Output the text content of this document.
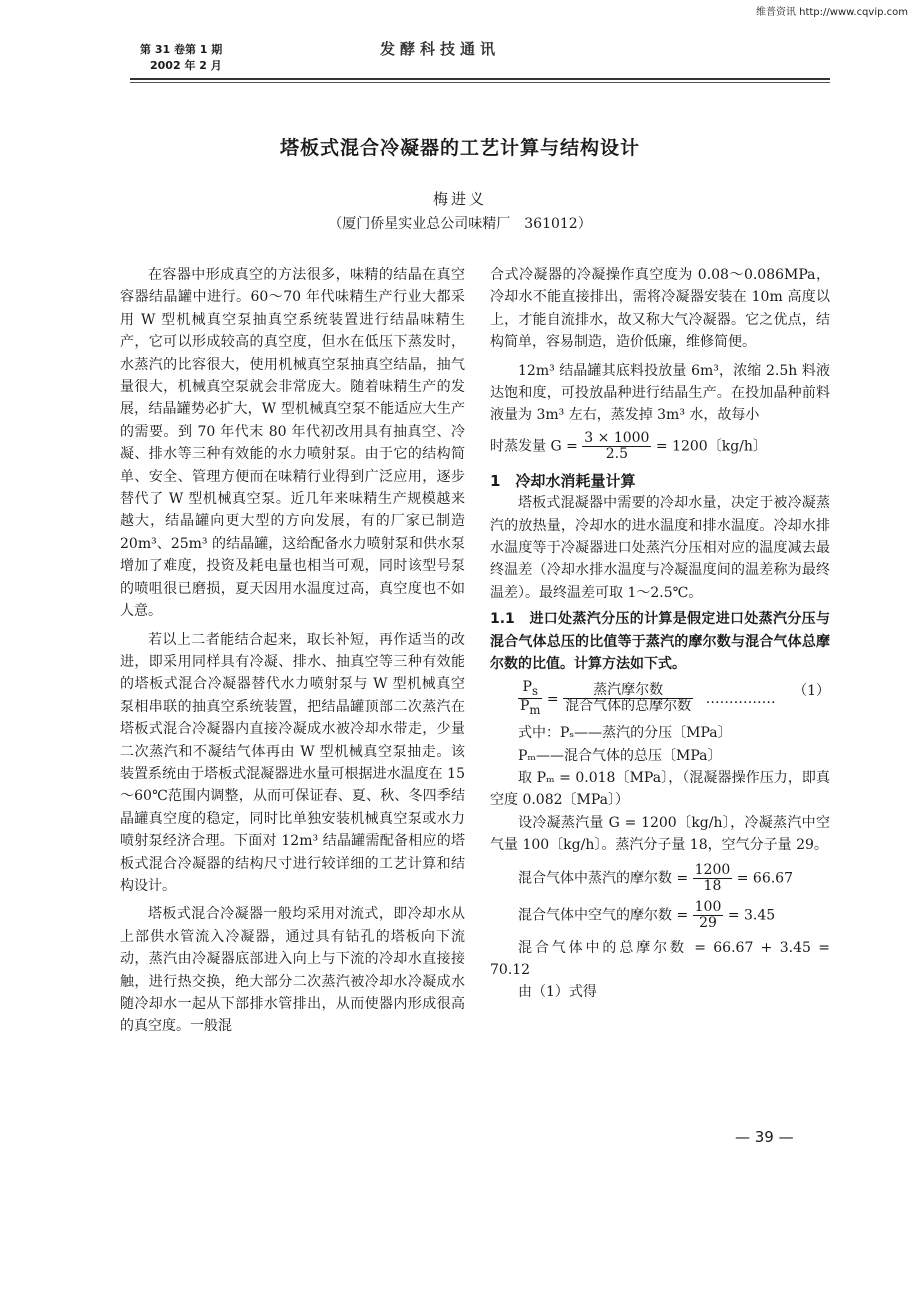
维普资讯 http://www.cqvip.com
第 31 卷第 1 期
2002 年 2 月
发酵科技通讯
塔板式混合冷凝器的工艺计算与结构设计
梅进义
（厦门侨星实业总公司味精厂　361012）

在容器中形成真空的方法很多，味精的结晶在真空容器结晶罐中进行。60～70 年代味精生产行业大都采用 W 型机械真空泵抽真空系统装置进行结晶味精生产，它可以形成较高的真空度，但水在低压下蒸发时，水蒸汽的比容很大，使用机械真空泵抽真空结晶，抽气量很大，机械真空泵就会非常庞大。随着味精生产的发展，结晶罐势必扩大，W 型机械真空泵不能适应大生产的需要。到 70 年代末 80 年代初改用具有抽真空、冷凝、排水等三种有效能的水力喷射泵。由于它的结构简单、安全、管理方便而在味精行业得到广泛应用，逐步替代了 W 型机械真空泵。近几年来味精生产规模越来越大，结晶罐向更大型的方向发展，有的厂家已制造 20m³、25m³ 的结晶罐，这给配备水力喷射泵和供水泵增加了难度，投资及耗电量也相当可观，同时该型号泵的喷咀很已磨损，夏天因用水温度过高，真空度也不如人意。

若以上二者能结合起来，取长补短，再作适当的改进，即采用同样具有冷凝、排水、抽真空等三种有效能的塔板式混合冷凝器替代水力喷射泵与 W 型机械真空泵相串联的抽真空系统装置，把结晶罐顶部二次蒸汽在塔板式混合冷凝器内直接冷凝成水被冷却水带走，少量二次蒸汽和不凝结气体再由 W 型机械真空泵抽走。该装置系统由于塔板式混凝器进水量可根据进水温度在 15～60℃范围内调整，从而可保证春、夏、秋、冬四季结晶罐真空度的稳定，同时比单独安装机械真空泵或水力喷射泵经济合理。下面对 12m³ 结晶罐需配备相应的塔板式混合冷凝器的结构尺寸进行较详细的工艺计算和结构设计。

塔板式混合冷凝器一般均采用对流式，即冷却水从上部供水管流入冷凝器，通过具有钻孔的塔板向下流动，蒸汽由冷凝器底部进入向上与下流的冷却水直接接触，进行热交换，绝大部分二次蒸汽被冷却水冷凝成水随冷却水一起从下部排水管排出，从而使器内形成很高的真空度。一般混

合式冷凝器的冷凝操作真空度为 0.08～0.086MPa，冷却水不能直接排出，需将冷凝器安装在 10m 高度以上，才能自流排水，故又称大气冷凝器。它之优点，结构简单，容易制造，造价低廉，维修简便。

12m³ 结晶罐其底料投放量 6m³，浓缩 2.5h 料液达饱和度，可投放晶种进行结晶生产。在投加晶种前料液量为 3m³ 左右，蒸发掉 3m³ 水，故每小

时蒸发量 $G = \frac{3 \times 1000}{2.5} = 1200$〔kg/h〕

1　冷却水消耗量计算

塔板式混凝器中需要的冷却水量，决定于被冷凝蒸汽的放热量，冷却水的进水温度和排水温度。冷却水排水温度等于冷凝器进口处蒸汽分压相对应的温度减去最终温差（冷却水排水温度与冷凝温度间的温差称为最终温差）。最终温差可取 1～2.5℃。

1.1　进口处蒸汽分压的计算是假定进口处蒸汽分压与混合气体总压的比值等于蒸汽的摩尔数与混合气体总摩尔数的比值。计算方法如下式。

（1）
$\frac{P_s}{P_m} = \frac{\text{蒸汽摩尔数}}{\text{混合气体的总摩尔数}}$ ……………

式中：Pₛ——蒸汽的分压〔MPa〕

Pₘ——混合气体的总压〔MPa〕

取 Pₘ = 0.018〔MPa〕，（混凝器操作压力，即真空度 0.082〔MPa〕）

设冷凝蒸汽量 G = 1200〔kg/h〕，冷凝蒸汽中空气量 100〔kg/h〕。蒸汽分子量 18，空气分子量 29。

混合气体中蒸汽的摩尔数 = $\frac{1200}{18} = 66.67$
混合气体中空气的摩尔数 = $\frac{100}{29} = 3.45$

混合气体中的总摩尔数 = 66.67 + 3.45 = 70.12

由（1）式得

— 39 —
